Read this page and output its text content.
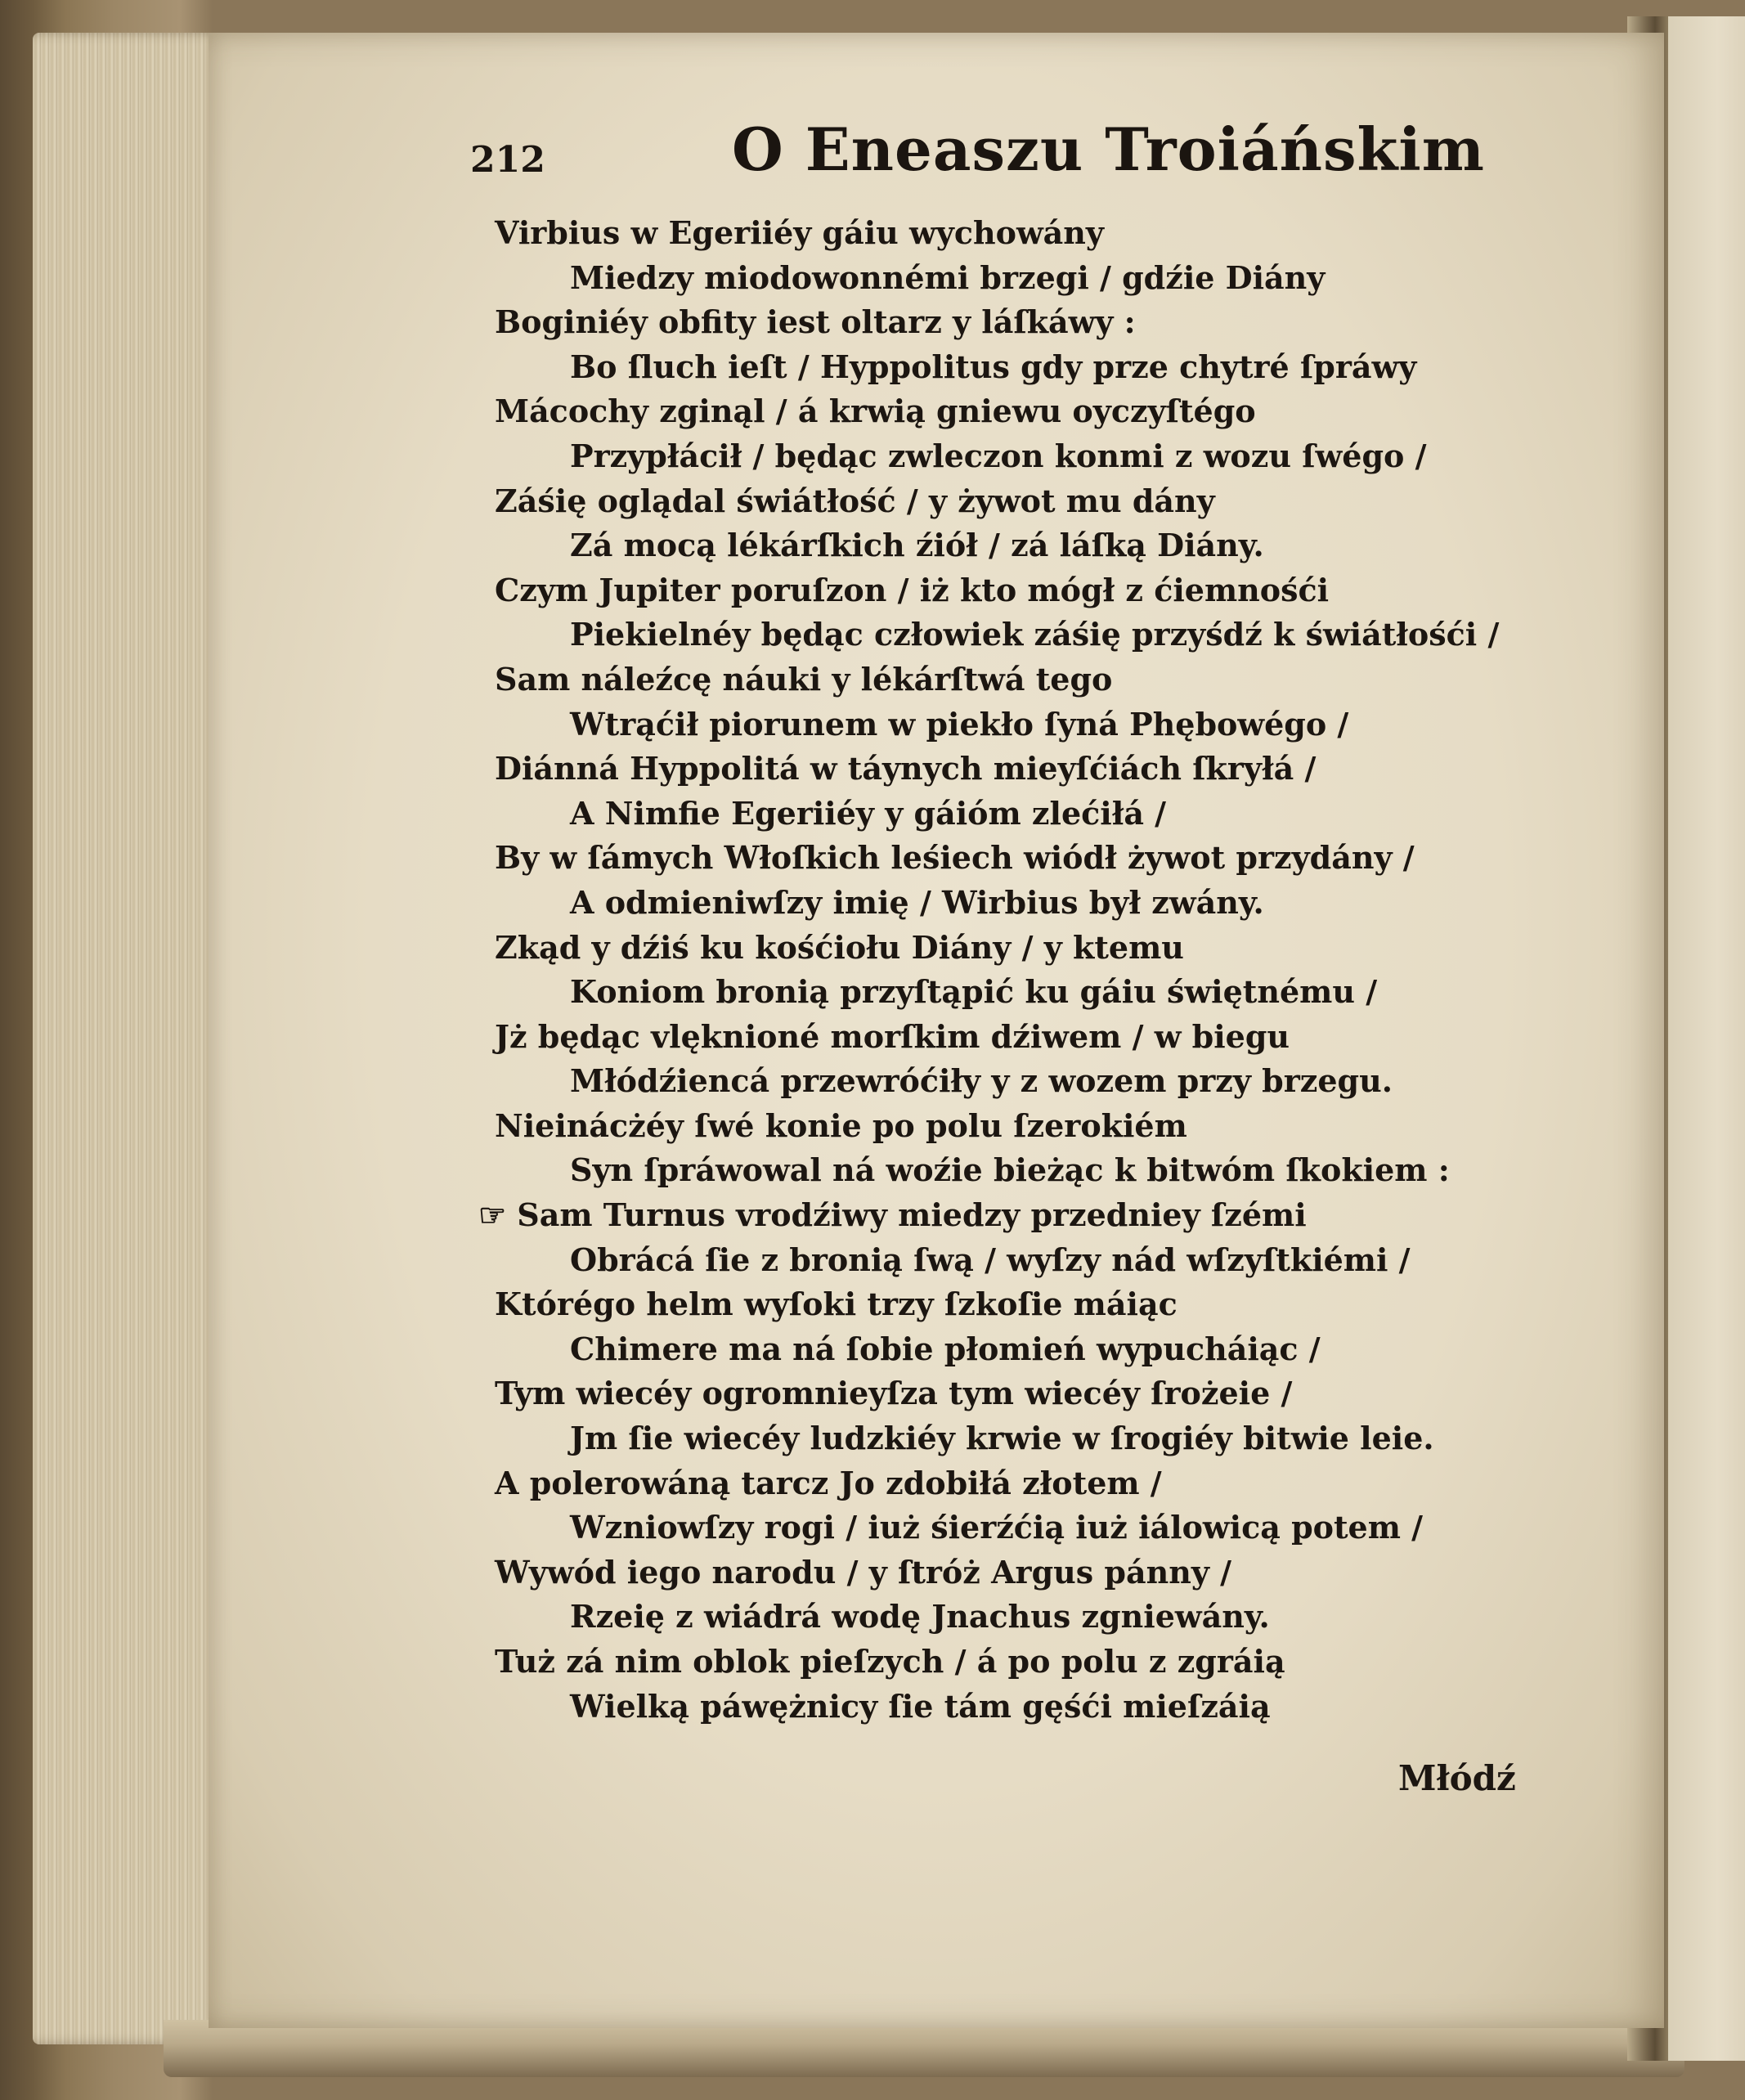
212	O Eneaszu Troiáńskim
Virbius w Egeriiéy gáiu wychowány
Miedzy miodowonnémi brzegi / gdźie Diány
Boginiéy obfity iest oltarz y láſkáwy :
Bo ſluch ieſt / Hyppolitus gdy prze chytré ſpráwy
Mácochy zginąl / á krwią gniewu oyczyſtégo
Przypłácił / będąc zwleczon konmi z wozu ſwégo /
Záśię oglądal świátłość / y żywot mu dány
Zá mocą lékárſkich źiół / zá láſką Diány.
Czym Jupiter poruſzon / iż kto mógł z ćiemnośći
Piekielnéy będąc człowiek záśię przyśdź k świátłośći /
Sam náleźcę náuki y lékárſtwá tego
Wtrąćił piorunem w piekło ſyná Phębowégo /
Diánná Hyppolitá w táynych mieyſćiách ſkryłá /
A Nimfie Egeriiéy y gáióm zlećiłá /
By w ſámych Włoſkich leśiech wiódł żywot przydány /
A odmieniwſzy imię / Wirbius był zwány.
Zkąd y dźiś ku kośćiołu Diány / y ktemu
Koniom bronią przyſtąpić ku gáiu świętnému /
Jż będąc vlęknioné morſkim dźiwem / w biegu
Młódźiencá przewróćiły y z wozem przy brzegu.
Nieinácżéy ſwé konie po polu ſzerokiém
Syn ſpráwowal ná woźie bieżąc k bitwóm ſkokiem :
☞ Sam Turnus vrodźiwy miedzy przedniey ſzémi
Obrácá ſie z bronią ſwą / wyſzy nád wſzyſtkiémi /
Którégo helm wyſoki trzy ſzkoſie máiąc
Chimere ma ná ſobie płomień wypucháiąc /
Tym wiecéy ogromnieyſza tym wiecéy ſrożeie /
Jm ſie wiecéy ludzkiéy krwie w ſrogiéy bitwie leie.
A polerowáną tarcz Jo zdobiłá złotem /
Wzniowſzy rogi / iuż śierźćią iuż iálowicą potem /
Wywód iego narodu / y ſtróż Argus pánny /
Rzeię z wiádrá wodę Jnachus zgniewány.
Tuż zá nim oblok pieſzych / á po polu z zgráią
Wielką páwężnicy ſie tám gęśći mieſzáią
Młódź
